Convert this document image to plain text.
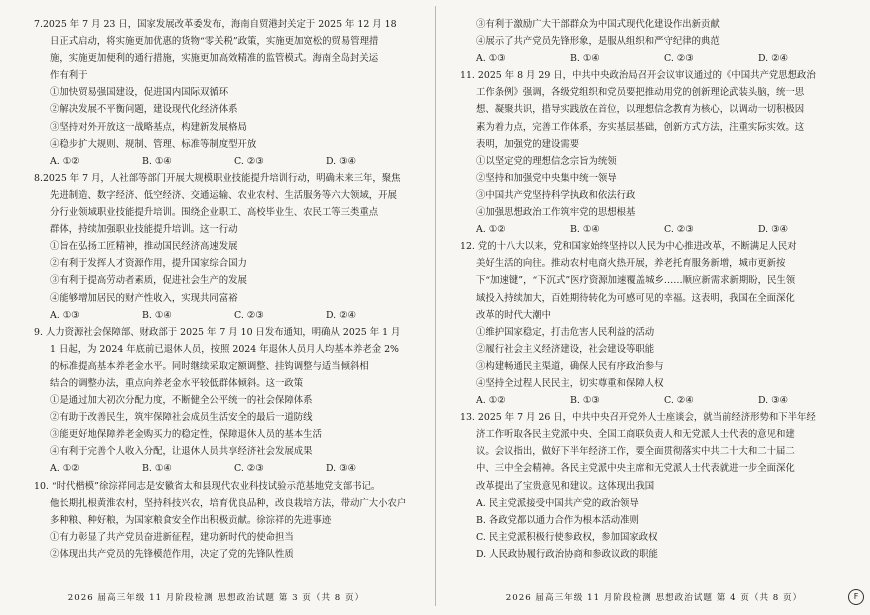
7.2025 年 7 月 23 日，国家发展改革委发布，海南自贸港封关定于 2025 年 12 月 18
日正式启动，将实施更加优惠的货物“零关税”政策，实施更加宽松的贸易管理措
施，实施更加便利的通行措施，实施更加高效精准的监管模式。海南全岛封关运
作有利于
①加快贸易强国建设，促进国内国际双循环
②解决发展不平衡问题，建设现代化经济体系
③坚持对外开放这一战略基点，构建新发展格局
④稳步扩大规则、规制、管理、标准等制度型开放
A. ①②	B. ①④	C. ②③	D. ③④
8.2025 年 7 月，人社部等部门开展大规模职业技能提升培训行动，明确未来三年，聚焦
先进制造、数字经济、低空经济、交通运输、农业农村、生活服务等六大领域，开展
分行业领域职业技能提升培训。围绕企业职工、高校毕业生、农民工等三类重点
群体，持续加强职业技能提升培训。这一行动
①旨在弘扬工匠精神，推动国民经济高速发展
②有利于发挥人才资源作用，提升国家综合国力
③有利于提高劳动者素质，促进社会生产的发展
④能够增加居民的财产性收入，实现共同富裕
A. ①③	B. ①④	C. ②③	D. ②④
9. 人力资源社会保障部、财政部于 2025 年 7 月 10 日发布通知，明确从 2025 年 1 月
1 日起，为 2024 年底前已退休人员，按照 2024 年退休人员月人均基本养老金 2%
的标准提高基本养老金水平。同时继续采取定额调整、挂钩调整与适当倾斜相
结合的调整办法，重点向养老金水平较低群体倾斜。这一政策
①是通过加大初次分配力度，不断健全公平统一的社会保障体系
②有助于改善民生，筑牢保障社会成员生活安全的最后一道防线
③能更好地保障养老金购买力的稳定性，保障退休人员的基本生活
④有利于完善个人收入分配，让退休人员共享经济社会发展成果
A. ①②	B. ①④	C. ②③	D. ③④
10. “时代楷模”徐淙祥同志是安徽省太和县现代农业科技试验示范基地党支部书记。
他长期扎根黄淮农村，坚持科技兴农，培育优良品种，改良栽培方法，带动广大小农户
多种粮、种好粮，为国家粮食安全作出积极贡献。徐淙祥的先进事迹
①有力彰显了共产党员奋进新征程，建功新时代的使命担当
②体现出共产党员的先锋模范作用，决定了党的先锋队性质
2026 届高三年级 11 月阶段检测 思想政治试题 第 3 页（共 8 页）
③有利于激励广大干部群众为中国式现代化建设作出新贡献
④展示了共产党员先锋形象，是服从组织和严守纪律的典范
A. ①③	B. ①④	C. ②③	D. ②④
11. 2025 年 8 月 29 日，中共中央政治局召开会议审议通过的《中国共产党思想政治
工作条例》强调，各级党组织和党员要把推动用党的创新理论武装头脑，统一思
想、凝聚共识，措导实践放在首位，以理想信念教育为核心，以调动一切积极因
素为着力点，完善工作体系，夯实基层基础，创新方式方法，注重实际实效。这
表明，加强党的建设需要
①以坚定党的理想信念宗旨为统领
②坚持和加强党中央集中统一领导
③中国共产党坚持科学执政和依法行政
④加强思想政治工作筑牢党的思想根基
A. ①②	B. ①④	C. ②③	D. ③④
12. 党的十八大以来，党和国家始终坚持以人民为中心推进改革，不断满足人民对
美好生活的向往。推动农村电商火热开展，养老托育服务新增，城市更新按
下“加速键”，“下沉式”医疗资源加速覆盖城乡……顺应新需求新期盼，民生领
域投入持续加大，百姓期待转化为可感可见的幸福。这表明，我国在全面深化
改革的时代大潮中
①维护国家稳定，打击危害人民利益的活动
②履行社会主义经济建设，社会建设等职能
③构建畅通民主渠道，确保人民有序政治参与
④坚持全过程人民民主，切实尊重和保障人权
A. ①②	B. ①③	C. ②④	D. ③④
13. 2025 年 7 月 26 日，中共中央召开党外人士座谈会，就当前经济形势和下半年经
济工作听取各民主党派中央、全国工商联负责人和无党派人士代表的意见和建
议。会议指出，做好下半年经济工作，要全面贯彻落实中共二十大和二十届二
中、三中全会精神。各民主党派中央主席和无党派人士代表就进一步全面深化
改革提出了宝贵意见和建议。这体现出我国
A. 民主党派接受中国共产党的政治领导
B. 各政党都以通力合作为根本活动准则
C. 民主党派积极行使参政权，参加国家政权
D. 人民政协履行政治协商和参政议政的职能
2026 届高三年级 11 月阶段检测 思想政治试题 第 4 页（共 8 页）	F
